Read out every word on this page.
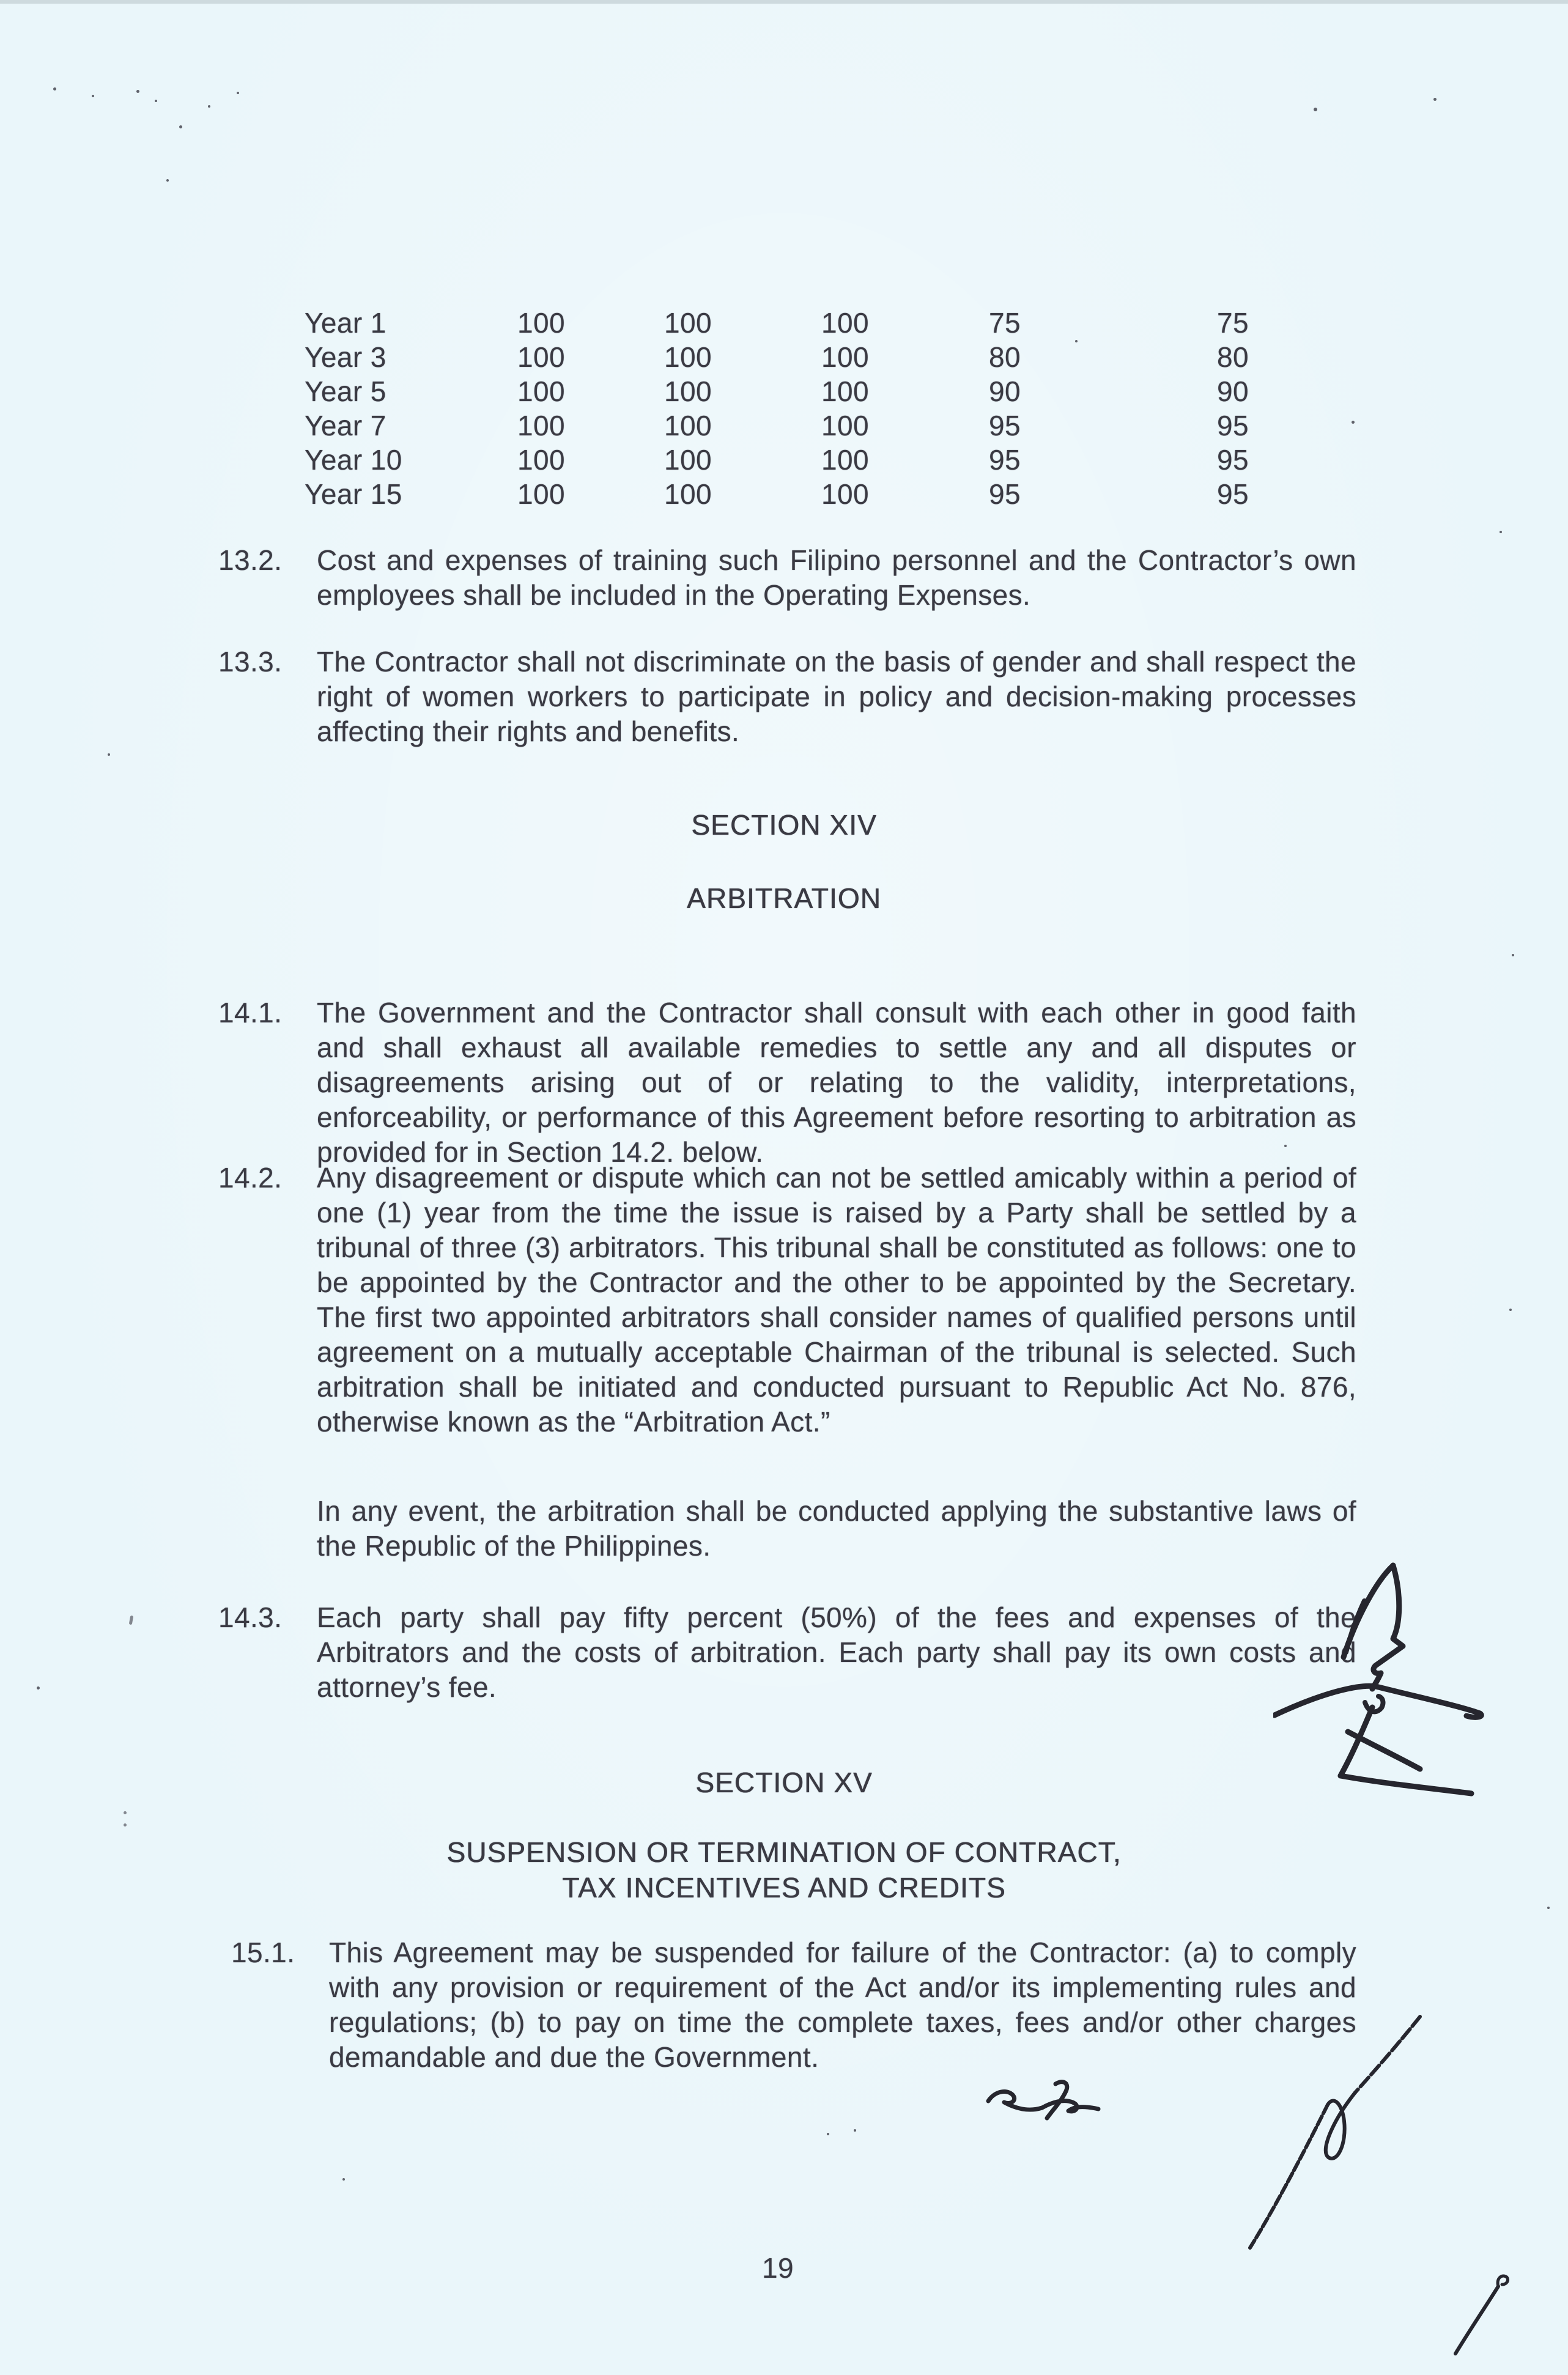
Year 1	100	100	100	75	75
Year 3	100	100	100	80	80
Year 5	100	100	100	90	90
Year 7	100	100	100	95	95
Year 10	100	100	100	95	95
Year 15	100	100	100	95	95
13.2. Cost and expenses of training such Filipino personnel and the Contractor’s own employees shall be included in the Operating Expenses.
13.3. The Contractor shall not discriminate on the basis of gender and shall respect the right of women workers to participate in policy and decision-making processes affecting their rights and benefits.
SECTION XIV
ARBITRATION
14.1. The Government and the Contractor shall consult with each other in good faith and shall exhaust all available remedies to settle any and all disputes or disagreements arising out of or relating to the validity, interpretations, enforceability, or performance of this Agreement before resorting to arbitration as provided for in Section 14.2. below.
14.2. Any disagreement or dispute which can not be settled amicably within a period of one (1) year from the time the issue is raised by a Party shall be settled by a tribunal of three (3) arbitrators. This tribunal shall be constituted as follows: one to be appointed by the Contractor and the other to be appointed by the Secretary. The first two appointed arbitrators shall consider names of qualified persons until agreement on a mutually acceptable Chairman of the tribunal is selected. Such arbitration shall be initiated and conducted pursuant to Republic Act No. 876, otherwise known as the “Arbitration Act.”
In any event, the arbitration shall be conducted applying the substantive laws of the Republic of the Philippines.
14.3. Each party shall pay fifty percent (50%) of the fees and expenses of the Arbitrators and the costs of arbitration. Each party shall pay its own costs and attorney’s fee.
SECTION XV
SUSPENSION OR TERMINATION OF CONTRACT,
TAX INCENTIVES AND CREDITS
15.1. This Agreement may be suspended for failure of the Contractor: (a) to comply with any provision or requirement of the Act and/or its implementing rules and regulations; (b) to pay on time the complete taxes, fees and/or other charges demandable and due the Government.
19
